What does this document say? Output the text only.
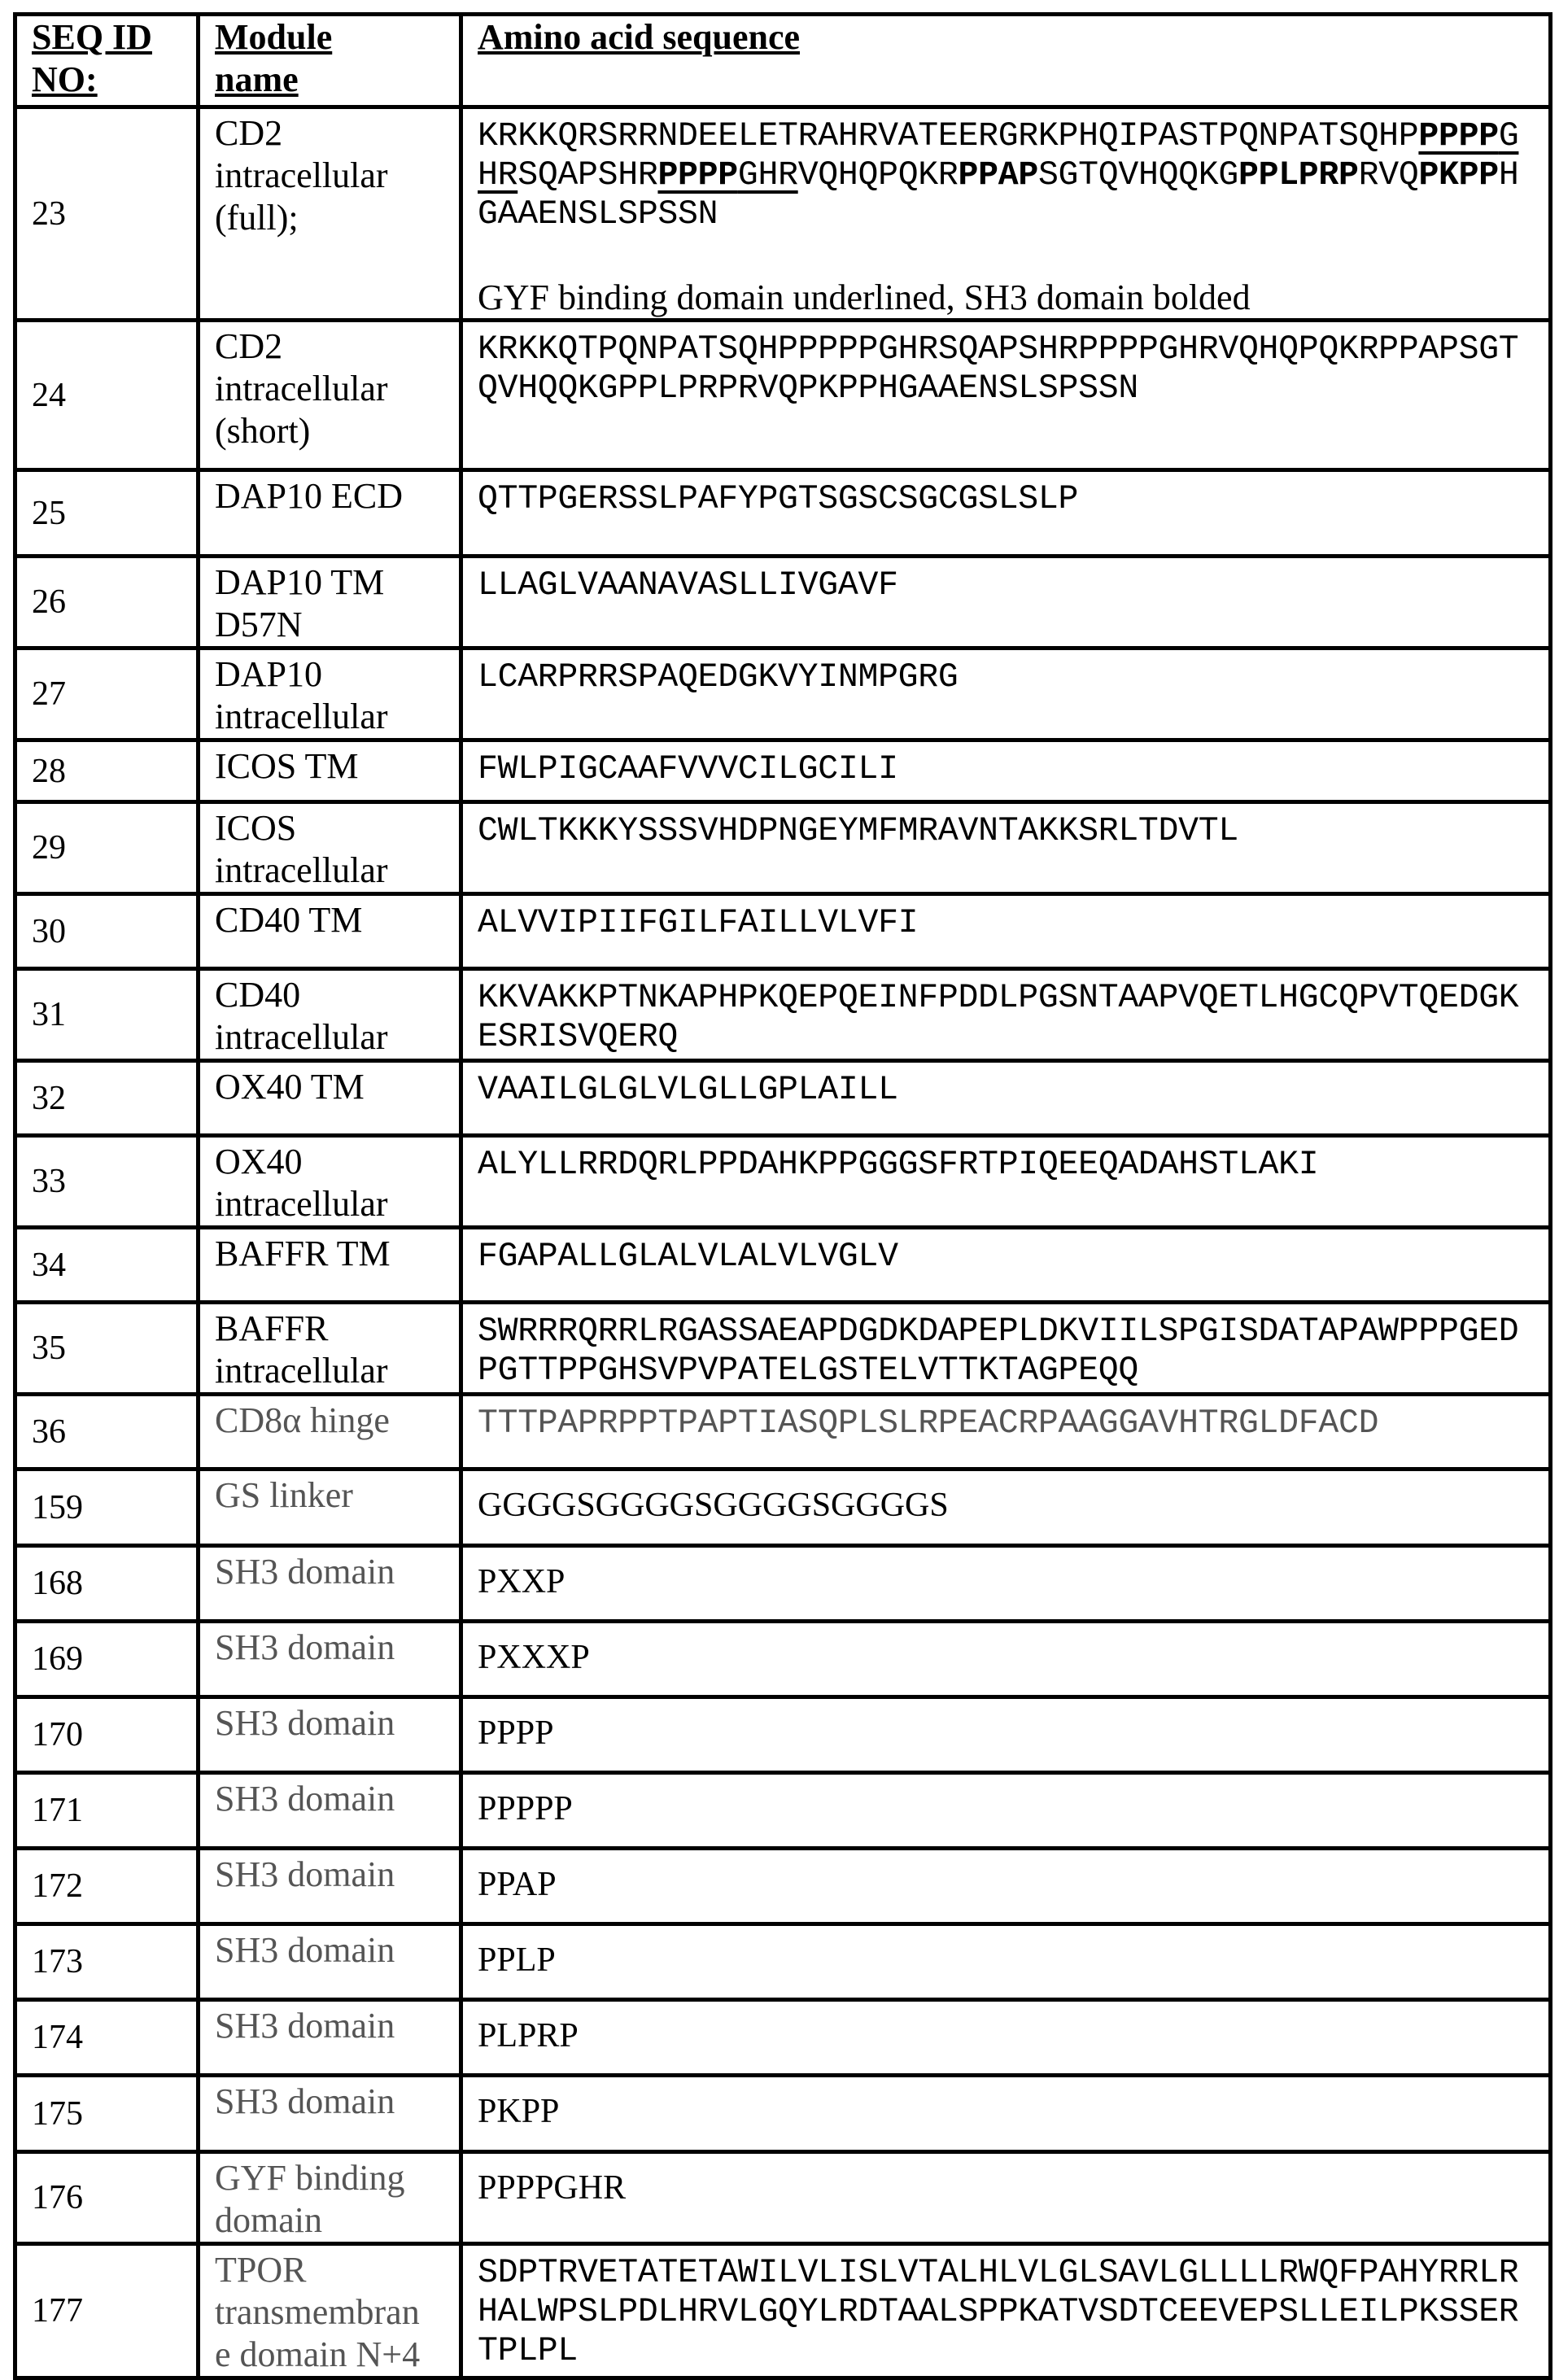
SEQ ID
NO:	Module
name	Amino acid sequence
23	CD2
intracellular
(full);	
KRKKQRSRRNDEELETRAHRVATEERGRKPHQIPASTPQNPATSQHPPPPPGHRSQAPSHRPPPPGHRVQHQPQKRPPAPSGTQVHQQKGPPLPRPRVQPKPPHGAAENSLSPSSN
GYF binding domain underlined, SH3 domain bolded

24	CD2
intracellular
(short)	
KRKKQTPQNPATSQHPPPPPGHRSQAPSHRPPPPGHRVQHQPQKRPPAPSGTQVHQQKGPPLPRPRVQPKPPHGAAENSLSPSSN

25	DAP10 ECD	QTTPGERSSLPAFYPGTSGSCSGCGSLSLP

26	DAP10 TM
D57N	
LLAGLVAANAVASLLIVGAVF

27	DAP10
intracellular	
LCARPRRSPAQEDGKVYINMPGRG

28	ICOS TM	FWLPIGCAAFVVVCILGCILI

29	ICOS
intracellular	
CWLTKKKYSSSVHDPNGEYMFMRAVNTAKKSRLTDVTL

30	CD40 TM	ALVVIPIIFGILFAILLVLVFI

31	CD40
intracellular	
KKVAKKPTNKAPHPKQEPQEINFPDDLPGSNTAAPVQETLHGCQPVTQEDGKESRISVQERQ

32	OX40 TM	VAAILGLGLVLGLLGPLAILL

33	OX40
intracellular	
ALYLLRRDQRLPPDAHKPPGGGSFRTPIQEEQADAHSTLAKI

34	BAFFR TM	FGAPALLGLALVLALVLVGLV

35	BAFFR
intracellular	
SWRRRQRRLRGASSAEAPDGDKDAPEPLDKVIILSPGISDATAPAWPPPGEDPGTTPPGHSVPVPATELGSTELVTTKTAGPEQQ

36	CD8α hinge	TTTPAPRPPTPAPTIASQPLSLRPEACRPAAGGAVHTRGLDFACD

159	GS linker	GGGGSGGGGSGGGGSGGGGS

168	SH3 domain	PXXP

169	SH3 domain	PXXXP

170	SH3 domain	PPPP

171	SH3 domain	PPPPP

172	SH3 domain	PPAP

173	SH3 domain	PPLP

174	SH3 domain	PLPRP

175	SH3 domain	PKPP

176	GYF binding
domain	
PPPPGHR

177	TPOR
transmembran
e domain N+4	
SDPTRVETATETAWILVLISLVTALHLVLGLSAVLGLLLLRWQFPAHYRRLRHALWPSLPDLHRVLGQYLRDTAALSPPKATVSDTCEEVEPSLLEILPKSSERTPLPL
